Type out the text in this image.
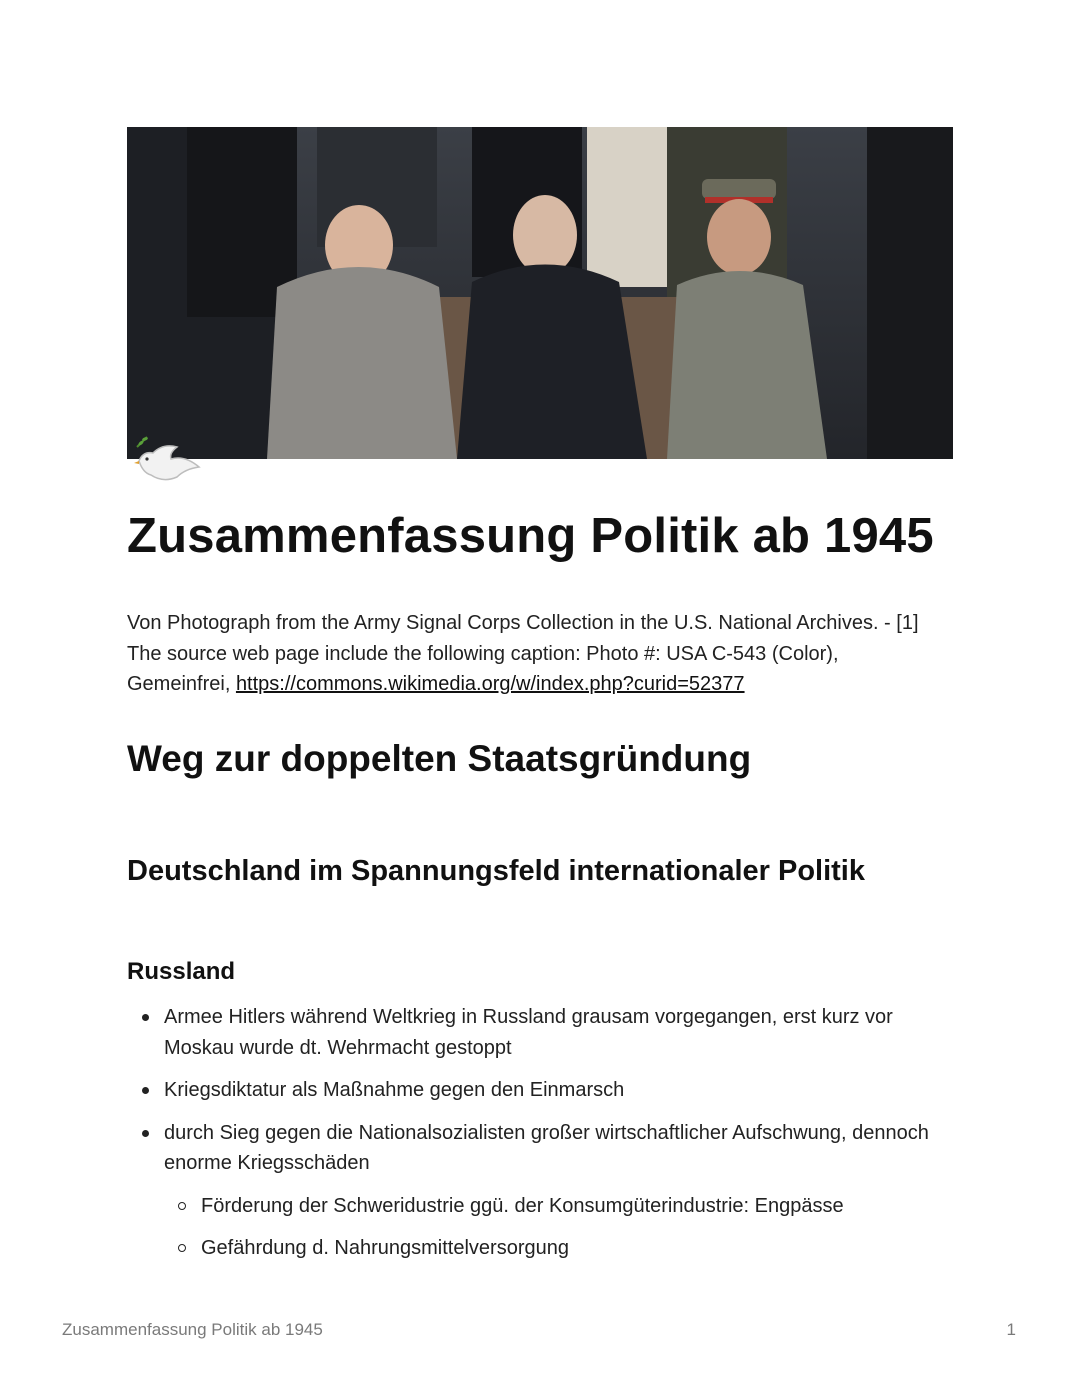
Zusammenfassung Politik ab 1945

Von Photograph from the Army Signal Corps Collection in the U.S. National Archives. - [1]
The source web page include the following caption: Photo #: USA C-543 (Color),
Gemeinfrei, https://commons.wikimedia.org/w/index.php?curid=52377

Weg zur doppelten Staatsgründung
Deutschland im Spannungsfeld internationaler Politik
Russland
Armee Hitlers während Weltkrieg in Russland grausam vorgegangen, erst kurz vor Moskau wurde dt. Wehrmacht gestoppt
Kriegsdiktatur als Maßnahme gegen den Einmarsch
durch Sieg gegen die Nationalsozialisten großer wirtschaftlicher Aufschwung, dennoch enorme Kriegsschäden
Förderung der Schweridustrie ggü. der Konsumgüterindustrie: Engpässe
Gefährdung d. Nahrungsmittelversorgung
Zusammenfassung Politik ab 1945	1
